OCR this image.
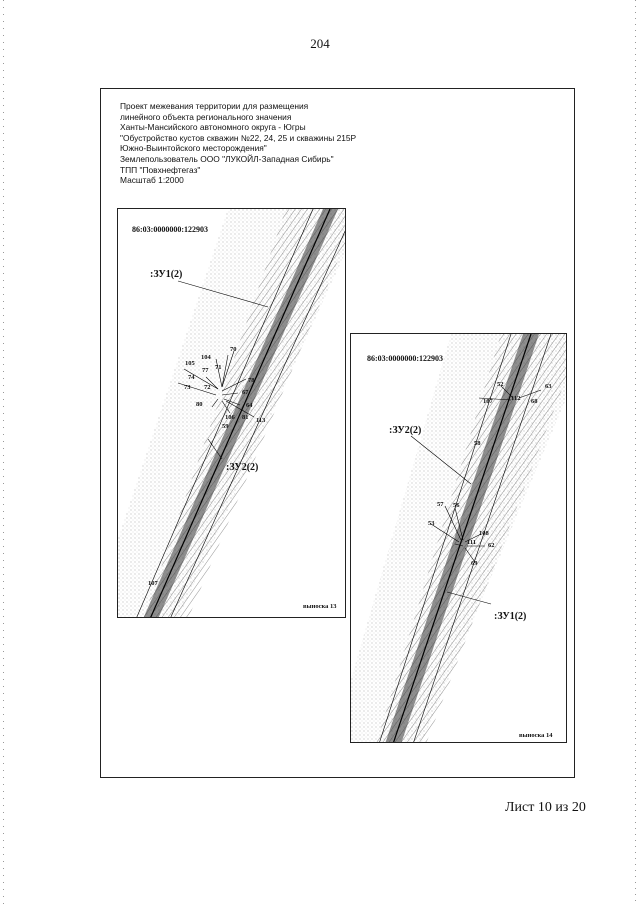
204
Проект межевания территории для размещения
линейного объекта регионального значения
Ханты-Мансийского автономного округа - Югры
"Обустройство кустов скважин №22, 24, 25 и скважины 215Р
Южно-Выинтойского месторождения"
Землепользователь ООО "ЛУКОЙЛ-Западная Сибирь"
ТПП "Повхнефтегаз"
Масштаб 1:2000
86:03:0000000:122903
:ЗУ1(2)
:ЗУ2(2)
105
104
77 71
70
74	78
73 72
67
80	64
106 81 113
59
107
выноска 13
86:03:0000000:122903
:ЗУ2(2)
:ЗУ1(2)
52	63
107	112 68
58
57 56
53
108
111 62
69
выноска 14
Лист 10 из 20
